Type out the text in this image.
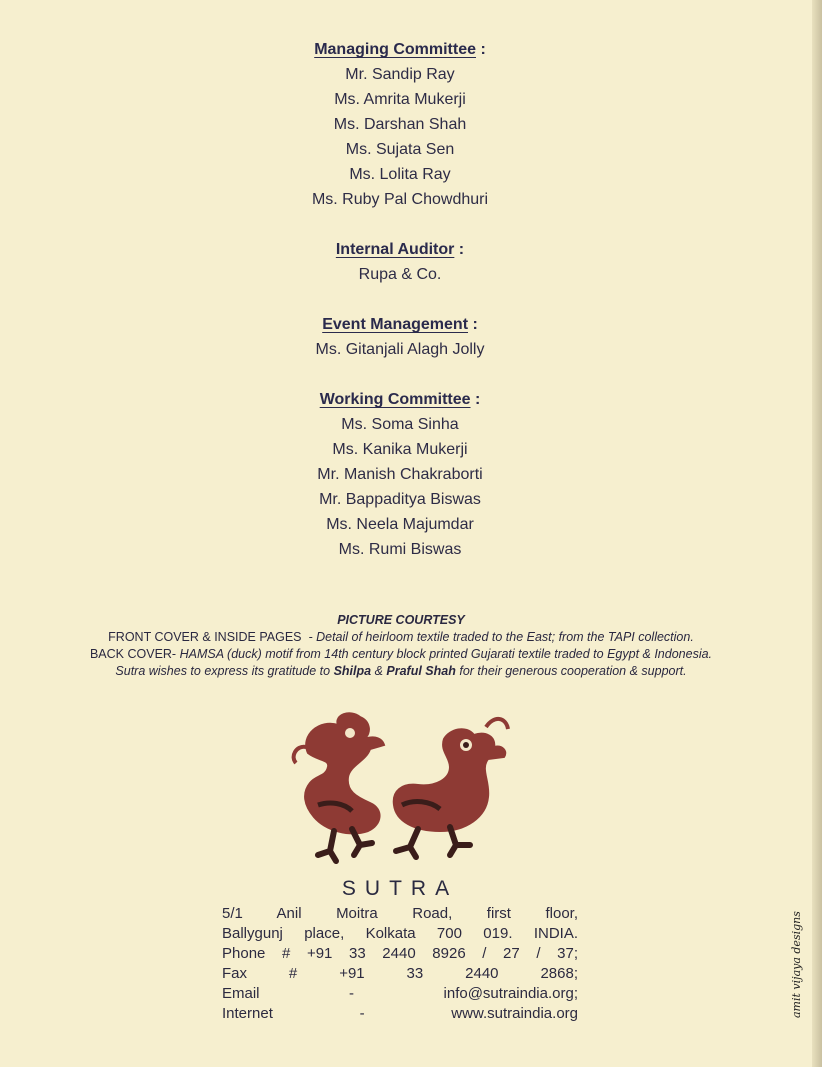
Managing Committee :

Mr. Sandip Ray

Ms. Amrita Mukerji

Ms. Darshan Shah

Ms. Sujata Sen

Ms. Lolita Ray

Ms. Ruby Pal Chowdhuri

Internal Auditor :

Rupa & Co.

Event Management :

Ms. Gitanjali Alagh Jolly

Working Committee :

Ms. Soma Sinha

Ms. Kanika Mukerji

Mr. Manish Chakraborti

Mr. Bappaditya Biswas

Ms. Neela Majumdar

Ms. Rumi Biswas

PICTURE COURTESY
FRONT COVER & INSIDE PAGES - Detail of heirloom textile traded to the East; from the TAPI collection.
BACK COVER- HAMSA (duck) motif from 14th century block printed Gujarati textile traded to Egypt & Indonesia.
Sutra wishes to express its gratitude to Shilpa & Praful Shah for their generous cooperation & support.
SUTRA
5/1 Anil Moitra Road, first floor,
Ballygunj place, Kolkata 700 019. INDIA.
Phone # +91 33 2440 8926 / 27 / 37;
Fax # +91 33 2440 2868;
Email - info@sutraindia.org;
Internet - www.sutraindia.org	amit vijaya designs
